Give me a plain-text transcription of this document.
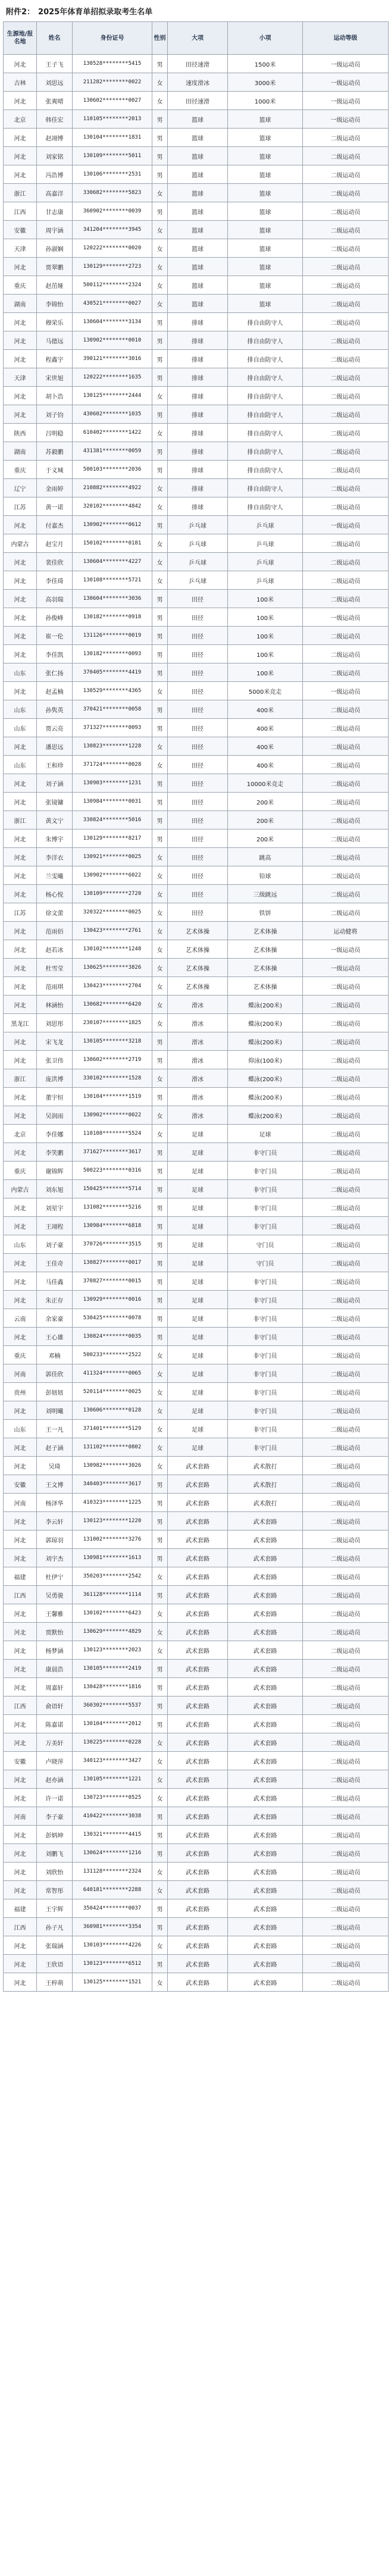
附件2： 2025年体育单招拟录取考生名单
生源地/报名地	姓名	身份证号	性别	大项	小项	运动等级
河北	王子飞	130528********5415	男	田径速滑	1500米	一级运动员
吉林	刘思远	211282********0022	女	速度滑冰	3000米	一级运动员
河北	张爽晴	130602********0027	女	田径速滑	1000米	一级运动员
北京	韩佳宏	110105********2013	男	篮球	篮球	一级运动员
河北	赵翊博	130104********1831	男	篮球	篮球	二级运动员
河北	刘家铭	130109********5011	男	篮球	篮球	二级运动员
河北	冯浩博	130106********2531	男	篮球	篮球	二级运动员
浙江	高嘉洋	330682********5823	女	篮球	篮球	二级运动员
江西	甘志康	360902********0039	男	篮球	篮球	二级运动员
安徽	周宇涵	341204********3945	女	篮球	篮球	二级运动员
天津	孙淑娴	120222********0020	女	篮球	篮球	二级运动员
河北	贾翠鹏	130129********2723	女	篮球	篮球	二级运动员
重庆	赵茁娅	500112********2324	女	篮球	篮球	二级运动员
湖南	李锦怡	430521********0027	女	篮球	篮球	二级运动员
河北	穆荣乐	130604********3134	男	排球	排自由防守人	二级运动员
河北	马德远	130902********0010	男	排球	排自由防守人	二级运动员
河北	程鑫宇	390121********3016	男	排球	排自由防守人	二级运动员
天津	宋世旭	120222********1635	男	排球	排自由防守人	二级运动员
河北	胡卜浩	130125********2444	女	排球	排自由防守人	二级运动员
河北	刘子钧	430602********1035	男	排球	排自由防守人	二级运动员
陕西	吕明稳	610402********1422	女	排球	排自由防守人	二级运动员
湖南	苏毅鹏	431381********0059	男	排球	排自由防守人	二级运动员
重庆	于义城	500103********2036	男	排球	排自由防守人	二级运动员
辽宁	金雨婷	210882********4922	女	排球	排自由防守人	二级运动员
江苏	黄一诺	320102********4842	女	排球	排自由防守人	二级运动员
河北	付嘉杰	130902********0612	男	乒乓球	乒乓球	一级运动员
内蒙古	赵宝月	150102********0181	女	乒乓球	乒乓球	二级运动员
河北	裴佳欣	130604********4227	女	乒乓球	乒乓球	二级运动员
河北	李佳琦	130108********5721	女	乒乓球	乒乓球	二级运动员
河北	高羽瑞	130604********3036	男	田径	100米	二级运动员
河北	孙俊峰	130182********0918	男	田径	100米	一级运动员
河北	崔一伦	131126********0019	男	田径	100米	二级运动员
河北	李佳凯	130182********0093	男	田径	100米	二级运动员
山东	张仁扬	370405********4419	男	田径	100米	二级运动员
河北	赵孟楠	130529********4365	女	田径	5000米竞走	一级运动员
山东	孙隽英	370421********0058	男	田径	400米	二级运动员
山东	贾云亮	371327********0093	男	田径	400米	二级运动员
河北	潘思远	130823********1228	女	田径	400米	二级运动员
山东	王和珍	371724********0028	女	田径	400米	二级运动员
河北	刘子涵	130903********1231	男	田径	10000米竞走	二级运动员
河北	张镜镛	130984********0031	男	田径	200米	二级运动员
浙江	黄文宁	330824********5016	男	田径	200米	二级运动员
河北	朱博宇	130129********8217	男	田径	200米	二级运动员
河北	李洋衣	130921********0025	女	田径	跳高	二级运动员
河北	兰雯曦	130902********6022	女	田径	铅球	二级运动员
河北	杨心悦	130109********2720	女	田径	三级跳远	二级运动员
江苏	徐文蕾	320322********0025	女	田径	铁饼	二级运动员
河北	范雨佰	130423********2761	女	艺术体操	艺术体操	运动健将
河北	赵若冰	130102********1248	女	艺术体操	艺术体操	一级运动员
河北	杜雪莹	130625********3826	女	艺术体操	艺术体操	一级运动员
河北	范雨琪	130423********2704	女	艺术体操	艺术体操	二级运动员
河北	林涵怡	130682********6420	女	滑冰	蝶泳(200米)	二级运动员
黑龙江	刘思彤	230107********1825	女	滑冰	蝶泳(200米)	二级运动员
河北	宋飞龙	130105********3218	男	滑冰	蝶泳(200米)	二级运动员
河北	张卫伟	130602********2719	男	滑冰	仰泳(100米)	二级运动员
浙江	庞洪博	330102********1528	女	滑冰	蝶泳(200米)	二级运动员
河北	董宇恒	130104********1519	男	滑冰	蝶泳(200米)	二级运动员
河北	吴润雨	130902********0022	女	滑冰	蝶泳(200米)	二级运动员
北京	李佳娜	110108********5524	女	足球	足球	二级运动员
河北	李笑鹏	371627********3617	男	足球	非守门员	二级运动员
重庆	谢锦辉	500223********0316	男	足球	非守门员	二级运动员
内蒙古	刘东旭	150425********5714	男	足球	非守门员	二级运动员
河北	刘星宇	131082********5216	男	足球	非守门员	二级运动员
河北	王翊程	130984********6818	男	足球	非守门员	二级运动员
山东	刘子豪	370726********3515	男	足球	守门员	二级运动员
河北	王佳奇	130827********0017	男	足球	守门员	二级运动员
河北	马佳鑫	370827********0015	男	足球	非守门员	二级运动员
河北	朱正存	130929********0016	男	足球	非守门员	二级运动员
云南	余家豪	530425********0078	男	足球	非守门员	二级运动员
河北	王心雄	130824********0035	男	足球	非守门员	二级运动员
重庆	邓楠	500233********2522	女	足球	非守门员	二级运动员
河南	郭佳欣	411324********0065	女	足球	非守门员	二级运动员
贵州	彭妞妞	520114********0025	女	足球	非守门员	二级运动员
河北	刘明曦	130606********0128	女	足球	非守门员	二级运动员
山东	王一凡	371401********5129	女	足球	非守门员	二级运动员
河北	赵子涵	131102********0802	女	足球	非守门员	二级运动员
河北	吴琦	130982********3026	女	武术套路	武术散打	二级运动员
安徽	王文博	340403********3617	男	武术套路	武术散打	二级运动员
河南	杨泽华	410323********1225	男	武术套路	武术散打	二级运动员
河北	李云轩	130123********1220	男	武术套路	武术套路	二级运动员
河北	郭琼羽	131002********3276	男	武术套路	武术套路	二级运动员
河北	刘宇杰	130981********1613	男	武术套路	武术套路	二级运动员
福建	杜伊宁	350203********2542	女	武术套路	武术套路	二级运动员
江西	吴勇骏	361128********1114	男	武术套路	武术套路	二级运动员
河北	王馨雅	130102********6423	女	武术套路	武术套路	二级运动员
河北	贾默怡	130629********4829	女	武术套路	武术套路	二级运动员
河北	杨梦涵	130123********2023	女	武术套路	武术套路	二级运动员
河北	康晨浩	130105********2419	男	武术套路	武术套路	二级运动员
河北	周嘉轩	130428********1816	男	武术套路	武术套路	二级运动员
江西	俞语轩	360302********5537	男	武术套路	武术套路	二级运动员
河北	陈嘉诺	130104********2012	男	武术套路	武术套路	二级运动员
河北	万美轩	130225********0228	女	武术套路	武术套路	二级运动员
安徽	卢晓萍	340123********3427	女	武术套路	武术套路	二级运动员
河北	赵亦涵	130105********1221	女	武术套路	武术套路	二级运动员
河北	许一诺	130723********0525	女	武术套路	武术套路	二级运动员
河南	李子豪	410422********3038	男	武术套路	武术套路	二级运动员
河北	彭炳坤	130321********4415	男	武术套路	武术套路	二级运动员
河北	刘鹏飞	130624********1216	男	武术套路	武术套路	二级运动员
河北	刘欣怡	131128********2324	女	武术套路	武术套路	二级运动员
河北	常智彤	640181********2288	女	武术套路	武术套路	二级运动员
福建	王宇辉	350424********0037	男	武术套路	武术套路	二级运动员
江西	孙子凡	360981********3354	男	武术套路	武术套路	二级运动员
河北	张瑞涵	130103********4226	女	武术套路	武术套路	二级运动员
河北	王欣语	130123********6512	男	武术套路	武术套路	二级运动员
河北	王梓萌	130125********1521	女	武术套路	武术套路	二级运动员
